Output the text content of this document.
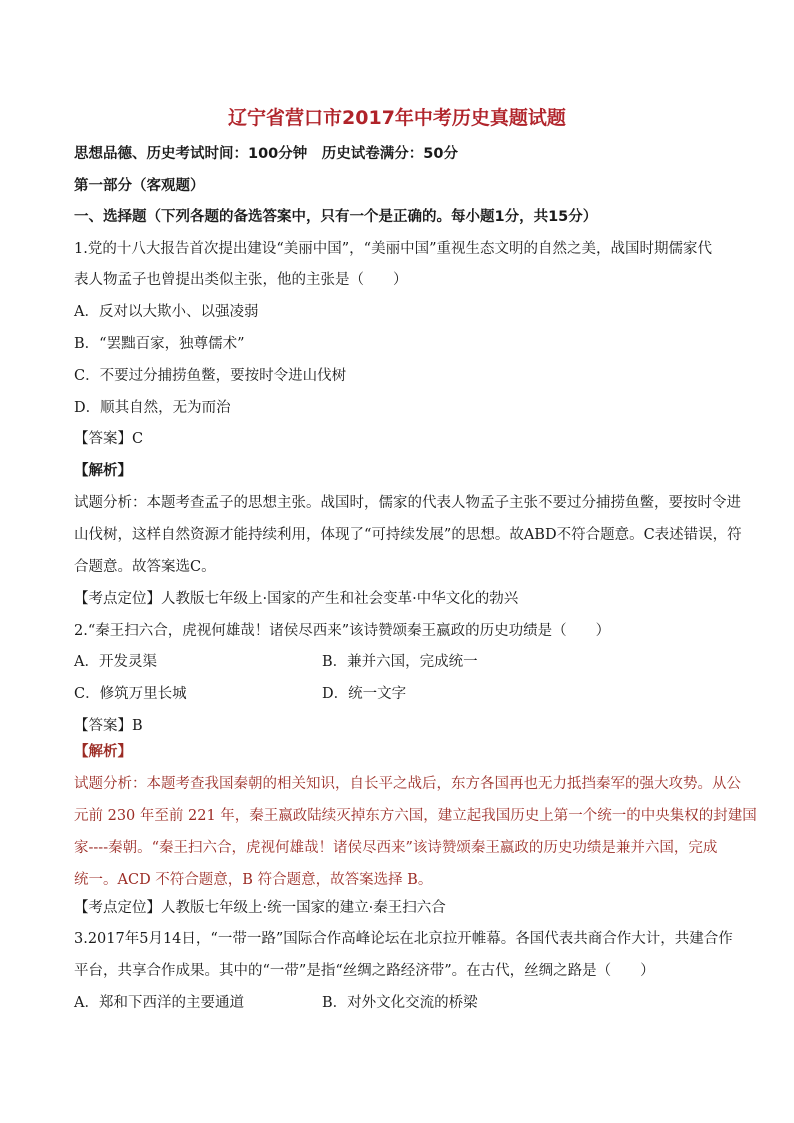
辽宁省营口市2017年中考历史真题试题
思想品德、历史考试时间：100分钟　历史试卷满分：50分
第一部分（客观题）
一、选择题（下列各题的备选答案中，只有一个是正确的。每小题1分，共15分）
1.党的十八大报告首次提出建设“美丽中国”，“美丽中国”重视生态文明的自然之美，战国时期儒家代
表人物孟子也曾提出类似主张，他的主张是（　　）
A．反对以大欺小、以强凌弱
B．“罢黜百家，独尊儒术”
C．不要过分捕捞鱼鳖，要按时令进山伐树
D．顺其自然，无为而治
【答案】C
【解析】
试题分析：本题考查孟子的思想主张。战国时，儒家的代表人物孟子主张不要过分捕捞鱼鳖，要按时令进
山伐树，这样自然资源才能持续利用，体现了“可持续发展”的思想。故ABD不符合题意。C表述错误，符
合题意。故答案选C。
【考点定位】人教版七年级上·国家的产生和社会变革·中华文化的勃兴
2.“秦王扫六合，虎视何雄哉！诸侯尽西来”该诗赞颂秦王嬴政的历史功绩是（　　）
A．开发灵渠	B．兼并六国，完成统一
C．修筑万里长城	D．统一文字
【答案】B
【解析】
试题分析：本题考查我国秦朝的相关知识，自长平之战后，东方各国再也无力抵挡秦军的强大攻势。从公
元前 230 年至前 221 年，秦王嬴政陆续灭掉东方六国，建立起我国历史上第一个统一的中央集权的封建国
家----秦朝。“秦王扫六合，虎视何雄哉！诸侯尽西来”该诗赞颂秦王嬴政的历史功绩是兼并六国，完成
统一。ACD 不符合题意，B 符合题意，故答案选择 B。
【考点定位】人教版七年级上·统一国家的建立·秦王扫六合
3.2017年5月14日，“一带一路”国际合作高峰论坛在北京拉开帷幕。各国代表共商合作大计，共建合作
平台，共享合作成果。其中的“一带”是指“丝绸之路经济带”。在古代，丝绸之路是（　　）
A．郑和下西洋的主要通道	B．对外文化交流的桥梁
